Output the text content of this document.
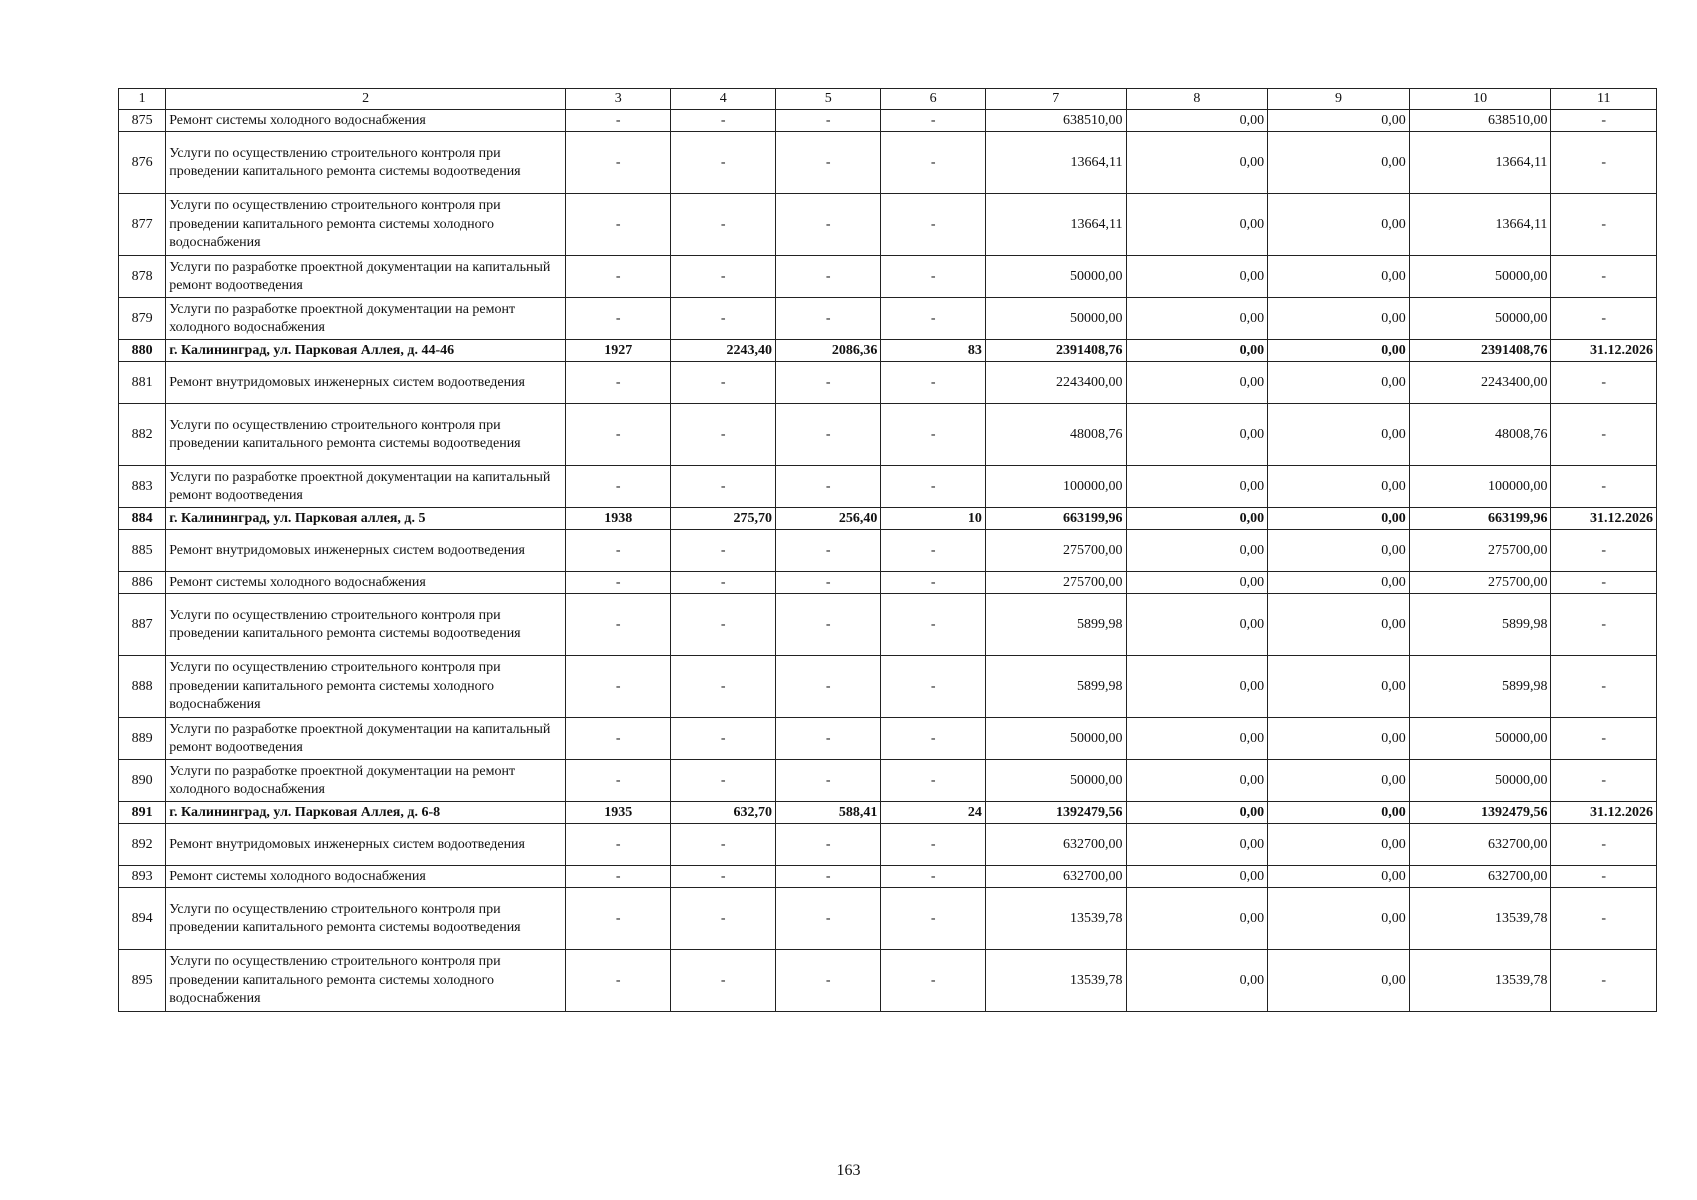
1	2	3	4	5	6	7	8	9	10	11
875	Ремонт системы холодного водоснабжения	-	-	-	-	638510,00	0,00	0,00	638510,00	-
876	Услуги по осуществлению строительного контроля при проведении капитального ремонта системы водоотведения	-	-	-	-	13664,11	0,00	0,00	13664,11	-
877	Услуги по осуществлению строительного контроля при проведении капитального ремонта системы холодного водоснабжения	-	-	-	-	13664,11	0,00	0,00	13664,11	-
878	Услуги по разработке проектной документации на капитальный ремонт водоотведения	-	-	-	-	50000,00	0,00	0,00	50000,00	-
879	Услуги по разработке проектной документации на ремонт холодного водоснабжения	-	-	-	-	50000,00	0,00	0,00	50000,00	-
880	г. Калининград, ул. Парковая Аллея, д. 44-46	1927	2243,40	2086,36	83	2391408,76	0,00	0,00	2391408,76	31.12.2026
881	Ремонт внутридомовых инженерных систем водоотведения	-	-	-	-	2243400,00	0,00	0,00	2243400,00	-
882	Услуги по осуществлению строительного контроля при проведении капитального ремонта системы водоотведения	-	-	-	-	48008,76	0,00	0,00	48008,76	-
883	Услуги по разработке проектной документации на капитальный ремонт водоотведения	-	-	-	-	100000,00	0,00	0,00	100000,00	-
884	г. Калининград, ул. Парковая аллея, д. 5	1938	275,70	256,40	10	663199,96	0,00	0,00	663199,96	31.12.2026
885	Ремонт внутридомовых инженерных систем водоотведения	-	-	-	-	275700,00	0,00	0,00	275700,00	-
886	Ремонт системы холодного водоснабжения	-	-	-	-	275700,00	0,00	0,00	275700,00	-
887	Услуги по осуществлению строительного контроля при проведении капитального ремонта системы водоотведения	-	-	-	-	5899,98	0,00	0,00	5899,98	-
888	Услуги по осуществлению строительного контроля при проведении капитального ремонта системы холодного водоснабжения	-	-	-	-	5899,98	0,00	0,00	5899,98	-
889	Услуги по разработке проектной документации на капитальный ремонт водоотведения	-	-	-	-	50000,00	0,00	0,00	50000,00	-
890	Услуги по разработке проектной документации на ремонт холодного водоснабжения	-	-	-	-	50000,00	0,00	0,00	50000,00	-
891	г. Калининград, ул. Парковая Аллея, д. 6-8	1935	632,70	588,41	24	1392479,56	0,00	0,00	1392479,56	31.12.2026
892	Ремонт внутридомовых инженерных систем водоотведения	-	-	-	-	632700,00	0,00	0,00	632700,00	-
893	Ремонт системы холодного водоснабжения	-	-	-	-	632700,00	0,00	0,00	632700,00	-
894	Услуги по осуществлению строительного контроля при проведении капитального ремонта системы водоотведения	-	-	-	-	13539,78	0,00	0,00	13539,78	-
895	Услуги по осуществлению строительного контроля при проведении капитального ремонта системы холодного водоснабжения	-	-	-	-	13539,78	0,00	0,00	13539,78	-
163
